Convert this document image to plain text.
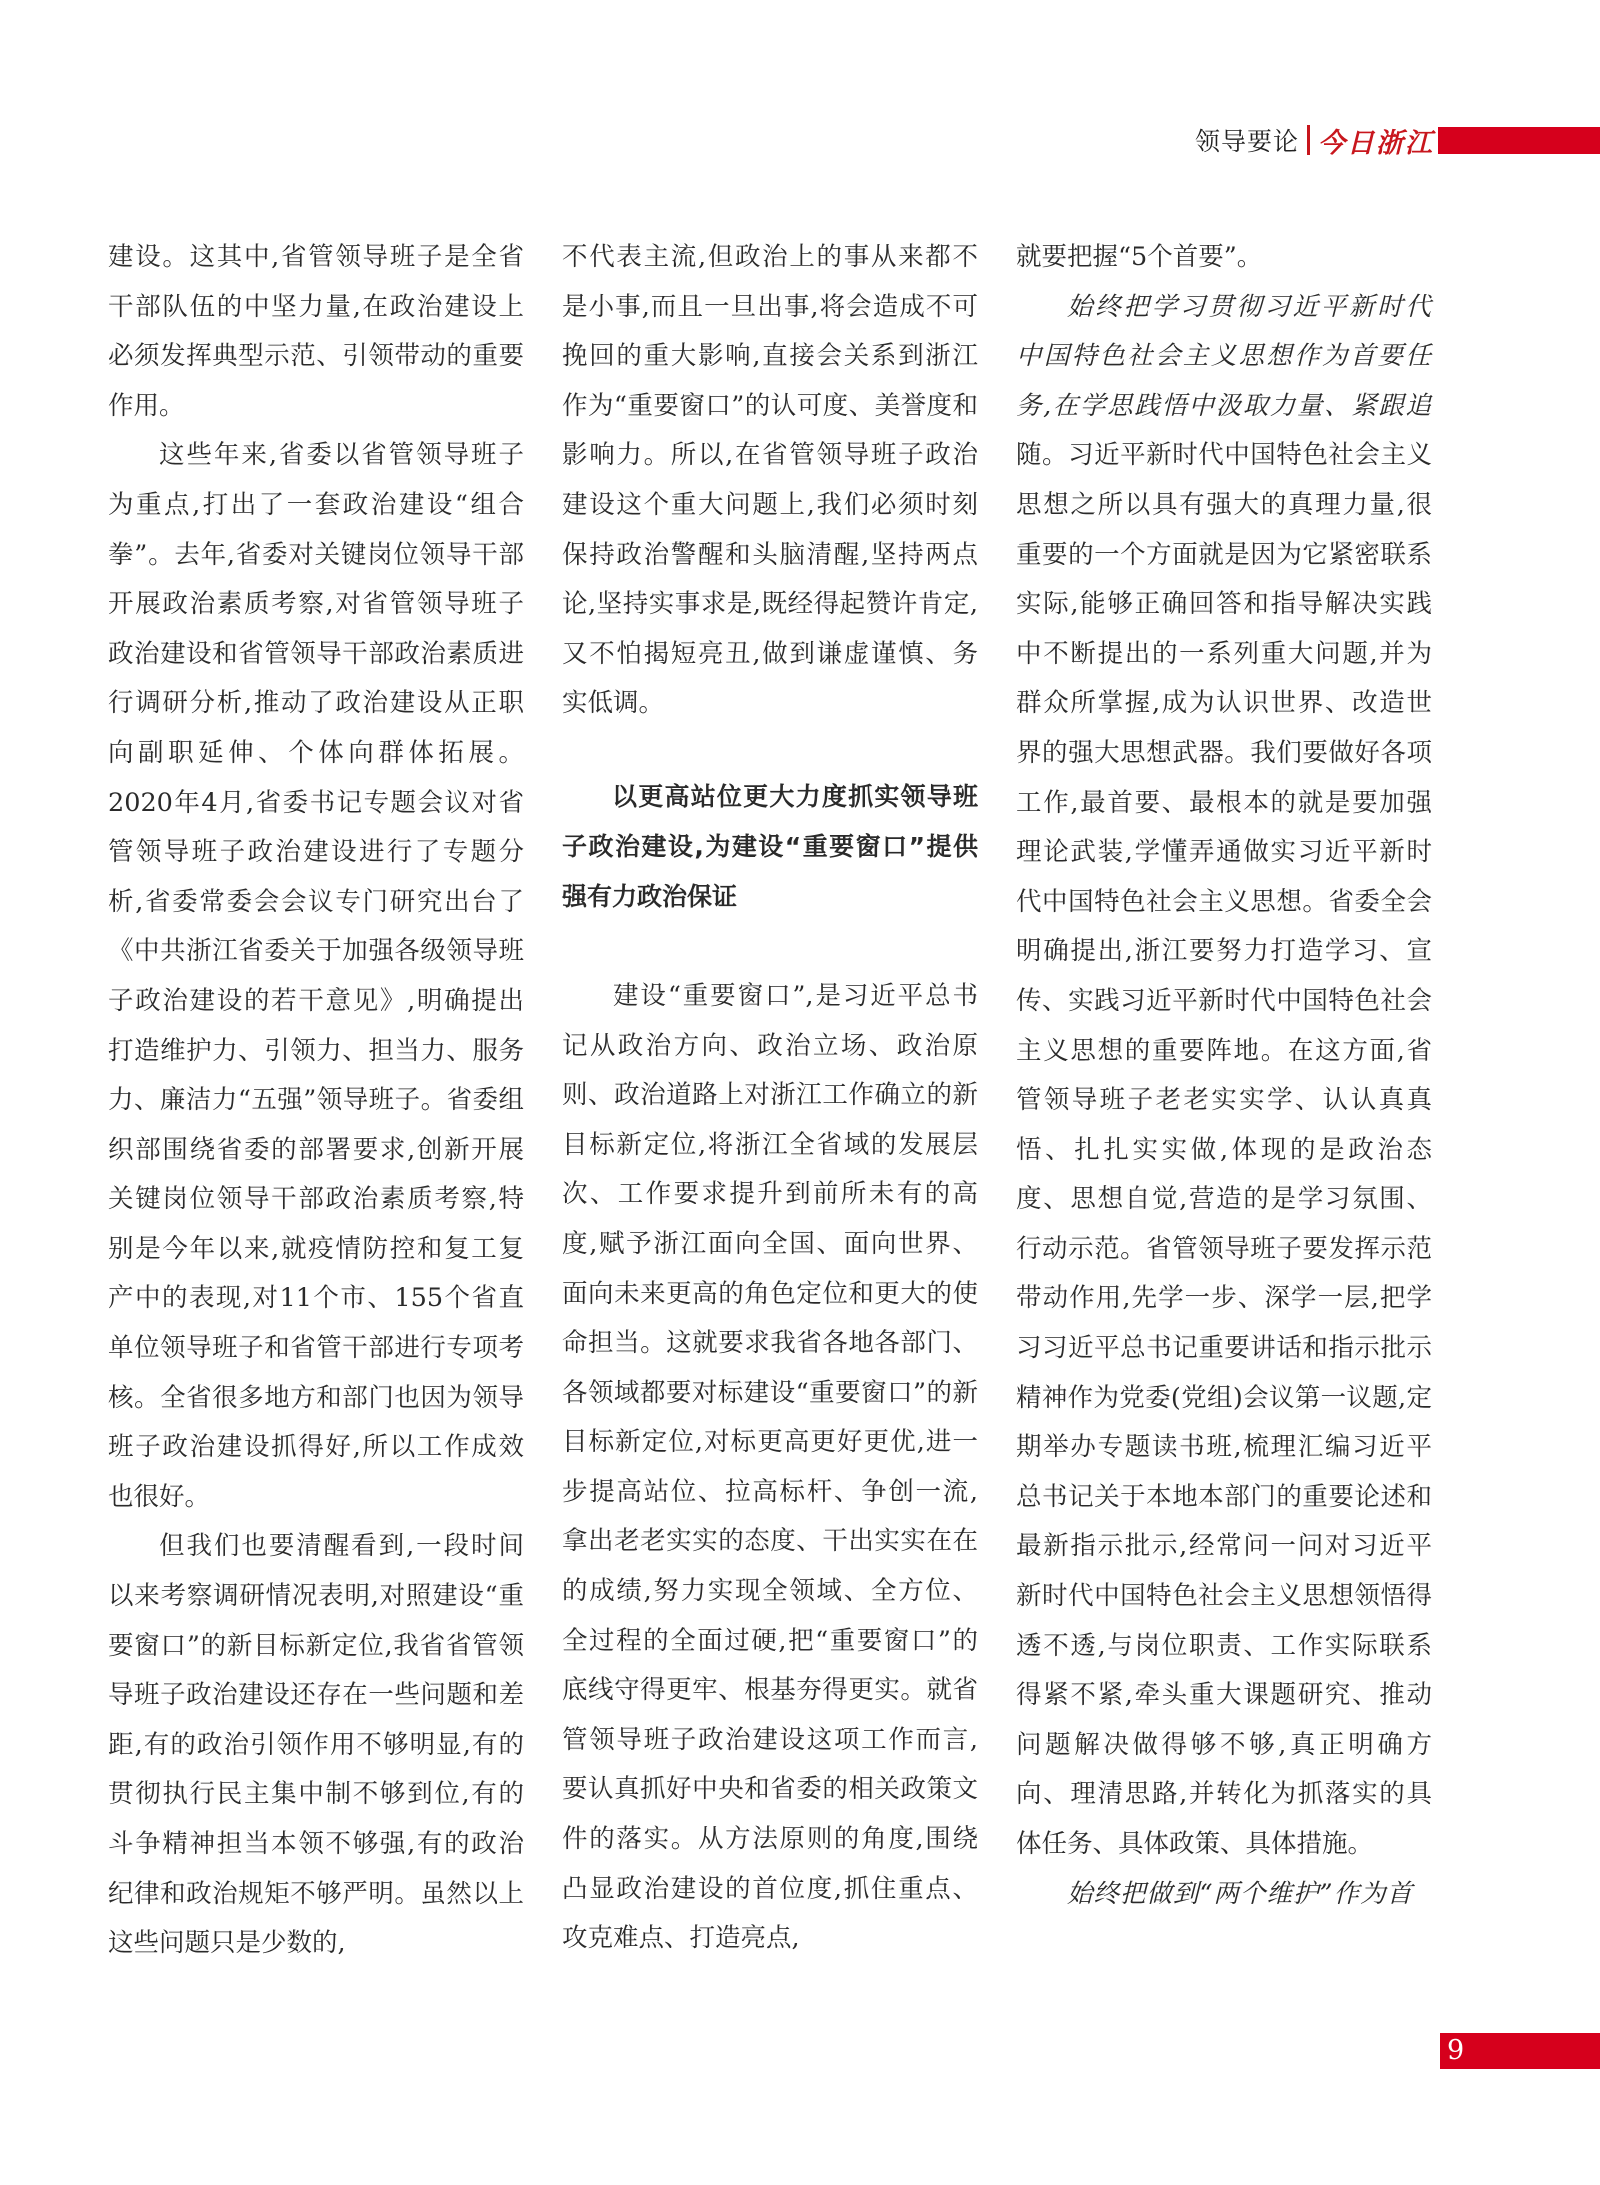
领导要论 今日浙江

建设。这其中,省管领导班子是全省干部队伍的中坚力量,在政治建设上必须发挥典型示范、引领带动的重要作用。

这些年来,省委以省管领导班子为重点,打出了一套政治建设“组合拳”。去年,省委对关键岗位领导干部开展政治素质考察,对省管领导班子政治建设和省管领导干部政治素质进行调研分析,推动了政治建设从正职向副职延伸、个体向群体拓展。2020年4月,省委书记专题会议对省管领导班子政治建设进行了专题分析,省委常委会会议专门研究出台了《中共浙江省委关于加强各级领导班子政治建设的若干意见》,明确提出打造维护力、引领力、担当力、服务力、廉洁力“五强”领导班子。省委组织部围绕省委的部署要求,创新开展关键岗位领导干部政治素质考察,特别是今年以来,就疫情防控和复工复产中的表现,对11个市、155个省直单位领导班子和省管干部进行专项考核。全省很多地方和部门也因为领导班子政治建设抓得好,所以工作成效也很好。

但我们也要清醒看到,一段时间以来考察调研情况表明,对照建设“重要窗口”的新目标新定位,我省省管领导班子政治建设还存在一些问题和差距,有的政治引领作用不够明显,有的贯彻执行民主集中制不够到位,有的斗争精神担当本领不够强,有的政治纪律和政治规矩不够严明。虽然以上这些问题只是少数的,

不代表主流,但政治上的事从来都不是小事,而且一旦出事,将会造成不可挽回的重大影响,直接会关系到浙江作为“重要窗口”的认可度、美誉度和影响力。所以,在省管领导班子政治建设这个重大问题上,我们必须时刻保持政治警醒和头脑清醒,坚持两点论,坚持实事求是,既经得起赞许肯定,又不怕揭短亮丑,做到谦虚谨慎、务实低调。

以更高站位更大力度抓实领导班子政治建设,为建设“重要窗口”提供强有力政治保证

建设“重要窗口”,是习近平总书记从政治方向、政治立场、政治原则、政治道路上对浙江工作确立的新目标新定位,将浙江全省域的发展层次、工作要求提升到前所未有的高度,赋予浙江面向全国、面向世界、面向未来更高的角色定位和更大的使命担当。这就要求我省各地各部门、各领域都要对标建设“重要窗口”的新目标新定位,对标更高更好更优,进一步提高站位、拉高标杆、争创一流,拿出老老实实的态度、干出实实在在的成绩,努力实现全领域、全方位、全过程的全面过硬,把“重要窗口”的底线守得更牢、根基夯得更实。就省管领导班子政治建设这项工作而言,要认真抓好中央和省委的相关政策文件的落实。从方法原则的角度,围绕凸显政治建设的首位度,抓住重点、攻克难点、打造亮点,

就要把握“5个首要”。

始终把学习贯彻习近平新时代中国特色社会主义思想作为首要任务,在学思践悟中汲取力量、紧跟追随。习近平新时代中国特色社会主义思想之所以具有强大的真理力量,很重要的一个方面就是因为它紧密联系实际,能够正确回答和指导解决实践中不断提出的一系列重大问题,并为群众所掌握,成为认识世界、改造世界的强大思想武器。我们要做好各项工作,最首要、最根本的就是要加强理论武装,学懂弄通做实习近平新时代中国特色社会主义思想。省委全会明确提出,浙江要努力打造学习、宣传、实践习近平新时代中国特色社会主义思想的重要阵地。在这方面,省管领导班子老老实实学、认认真真悟、扎扎实实做,体现的是政治态度、思想自觉,营造的是学习氛围、行动示范。省管领导班子要发挥示范带动作用,先学一步、深学一层,把学习习近平总书记重要讲话和指示批示精神作为党委(党组)会议第一议题,定期举办专题读书班,梳理汇编习近平总书记关于本地本部门的重要论述和最新指示批示,经常问一问对习近平新时代中国特色社会主义思想领悟得透不透,与岗位职责、工作实际联系得紧不紧,牵头重大课题研究、推动问题解决做得够不够,真正明确方向、理清思路,并转化为抓落实的具体任务、具体政策、具体措施。

始终把做到“两个维护”作为首

9
